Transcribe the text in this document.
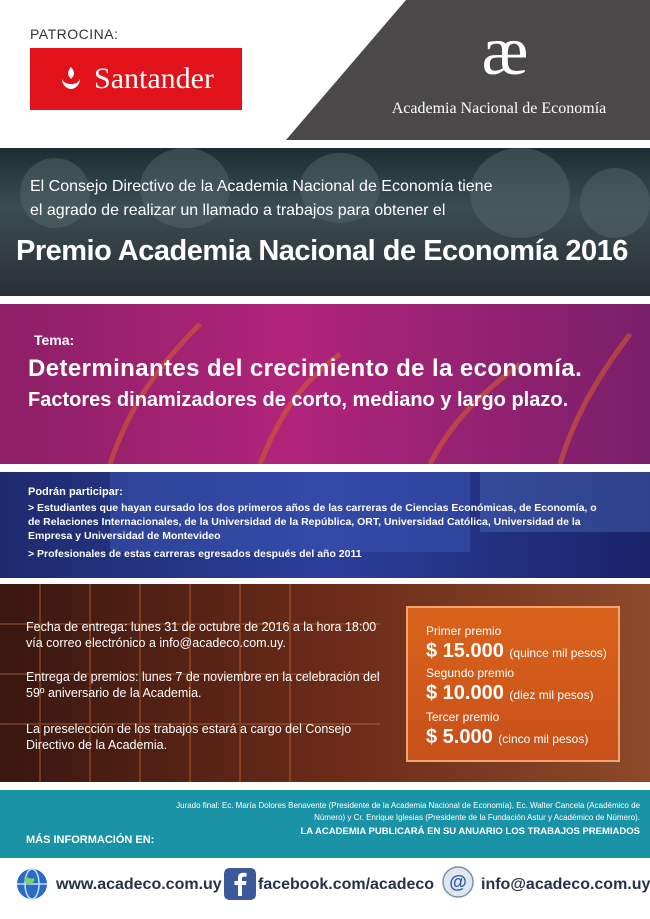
PATROCINA:
Santander	æ
Academia Nacional de Economía
El Consejo Directivo de la Academia Nacional de Economía tiene
el agrado de realizar un llamado a trabajos para obtener el
Premio Academia Nacional de Economía 2016
Tema:
Determinantes del crecimiento de la economía.
Factores dinamizadores de corto, mediano y largo plazo.
Podrán participar:
> Estudiantes que hayan cursado los dos primeros años de las carreras de Ciencias Económicas, de Economía, o
de Relaciones Internacionales, de la Universidad de la República, ORT, Universidad Católica, Universidad de la
Empresa y Universidad de Montevideo
> Profesionales de estas carreras egresados después del año 2011
Fecha de entrega: lunes 31 de octubre de 2016 a la hora 18:00
vía correo electrónico a info@acadeco.com.uy.
Entrega de premios: lunes 7 de noviembre en la celebración del
59º aniversario de la Academia.
La preselección de los trabajos estará a cargo del Consejo
Directivo de la Academia.
Primer premio
$ 15.000 (quince mil pesos)
Segundo premio
$ 10.000 (diez mil pesos)
Tercer premio
$ 5.000 (cinco mil pesos)
Jurado final: Ec. María Dolores Benavente (Presidente de la Academia Nacional de Economía), Ec. Walter Cancela (Académico de
Número) y Cr. Enrique Iglesias (Presidente de la Fundación Astur y Académico de Número).
LA ACADEMIA PUBLICARÁ EN SU ANUARIO LOS TRABAJOS PREMIADOS
MÁS INFORMACIÓN EN:
www.acadeco.com.uy facebook.com/acadeco @ info@acadeco.com.uy
